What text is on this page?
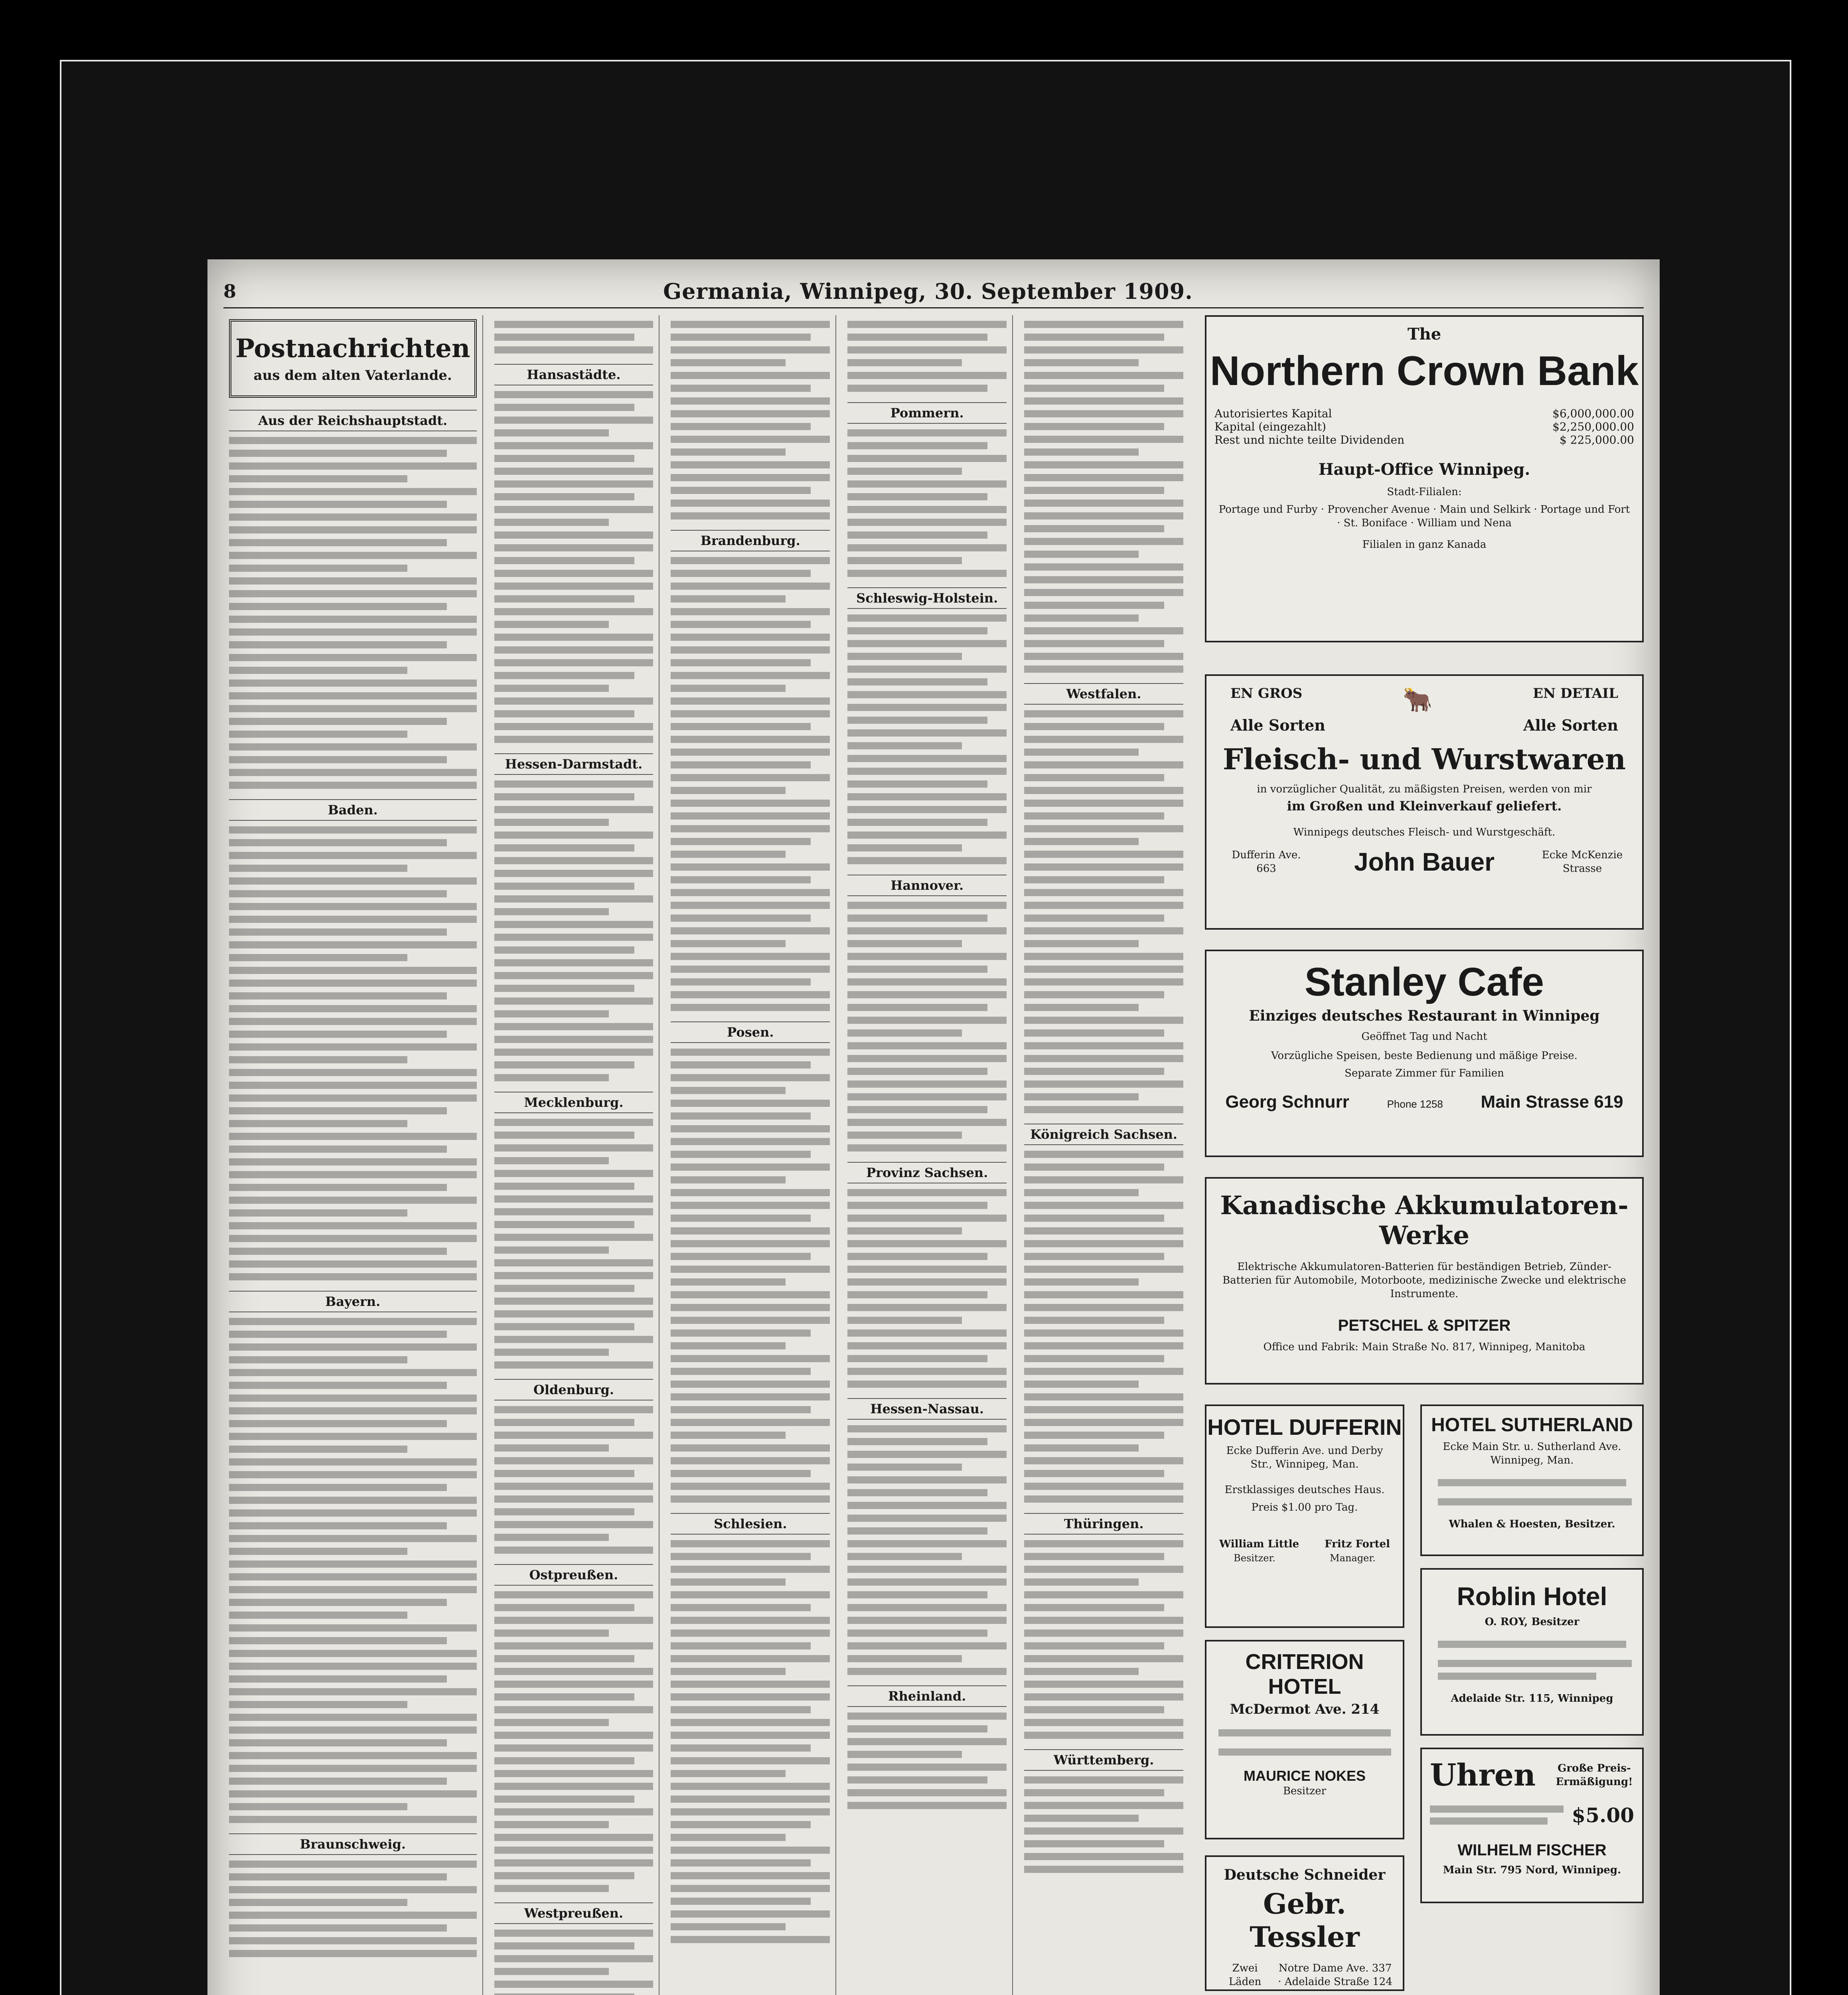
8	Germania, Winnipeg, 30. September 1909.
Postnachrichten
aus dem alten Vaterlande.
Aus der Reichshauptstadt.
Baden.
Bayern.
Braunschweig.
Hansastädte.
Hessen-Darmstadt.
Mecklenburg.
Oldenburg.
Ostpreußen.
Westpreußen.
Brandenburg.
Posen.
Schlesien.
Pommern.
Schleswig-Holstein.
Hannover.
Provinz Sachsen.
Hessen-Nassau.
Rheinland.
Westfalen.
Königreich Sachsen.
Thüringen.
Württemberg.
The
Northern Crown Bank
Autorisiertes Kapital	$6,000,000.00
Kapital (eingezahlt)	$2,250,000.00
Rest und nichte teilte Dividenden	$ 225,000.00
Haupt-Office Winnipeg.
Stadt-Filialen:
Portage und Furby · Provencher Avenue · Main und Selkirk · Portage und Fort · St. Boniface · William und Nena
Filialen in ganz Kanada
EN GROS	🐂	EN DETAIL
Alle Sorten	Alle Sorten
Fleisch- und Wurstwaren
in vorzüglicher Qualität, zu mäßigsten Preisen, werden von mir
im Großen und Kleinverkauf geliefert.
Winnipegs deutsches Fleisch- und Wurstgeschäft.
Dufferin Ave. 663	John Bauer	Ecke McKenzie Strasse
Stanley Cafe
Einziges deutsches Restaurant in Winnipeg
Geöffnet Tag und Nacht
Vorzügliche Speisen, beste Bedienung und mäßige Preise.
Separate Zimmer für Familien
Georg Schnurr	Phone 1258 Main Strasse 619
Kanadische Akkumulatoren-Werke
Elektrische Akkumulatoren-Batterien für beständigen Betrieb, Zünder-Batterien für Automobile, Motorboote, medizinische Zwecke und elektrische Instrumente.
PETSCHEL & SPITZER
Office und Fabrik: Main Straße No. 817, Winnipeg, Manitoba
HOTEL DUFFERIN
Ecke Dufferin Ave. und Derby Str., Winnipeg, Man.
Erstklassiges deutsches Haus.
Preis $1.00 pro Tag.
William Little Fritz Fortel
Besitzer.	Manager.
HOTEL SUTHERLAND
Ecke Main Str. u. Sutherland Ave. Winnipeg, Man.
Whalen & Hoesten, Besitzer.
Roblin Hotel
O. ROY, Besitzer
Adelaide Str. 115, Winnipeg
CRITERION HOTEL
McDermot Ave. 214
MAURICE NOKES
Besitzer	Uhren	Große Preis-Ermäßigung!
$5.00
WILHELM FISCHER
Main Str. 795 Nord, Winnipeg.
Deutsche Schneider
Gebr. Tessler
Zwei Läden
Notre Dame Ave. 337 · Adelaide Straße 124
